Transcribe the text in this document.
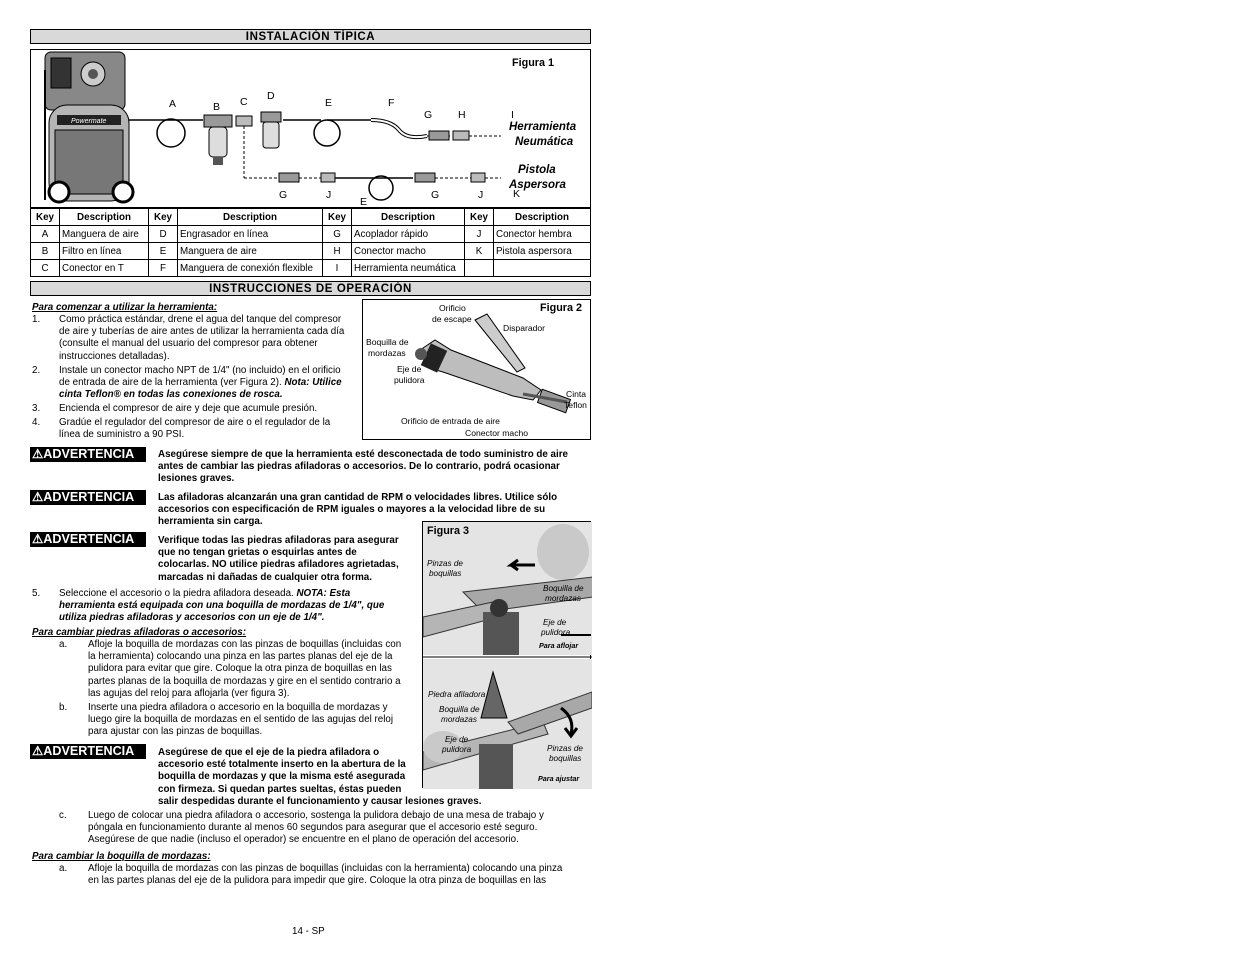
INSTALACIÓN TÍPICA
Powermate
Figura 1
A	B C D
E	F
G H	I
Herramienta
Neumática
Pistola
Aspersora
G	J
E
G	J	K
Key	Description	Key	Description	Key	Description	Key	Description
A	Manguera de aire	D	Engrasador en línea	G	Acoplador rápido	J	Conector hembra
B	Filtro en línea	E	Manguera de aire	H	Conector macho	K	Pistola aspersora
C	Conector en T	F	Manguera de conexión flexible	I	Herramienta neumática		
INSTRUCCIONES DE OPERACIÓN
Para comenzar a utilizar la herramienta:
1. Como práctica estándar, drene el agua del tanque del compresor
de aire y tuberías de aire antes de utilizar la herramienta cada día
(consulte el manual del usuario del compresor para obtener
instrucciones detalladas).
2. Instale un conector macho NPT de 1/4" (no incluido) en el orificio
de entrada de aire de la herramienta (ver Figura 2). Nota: Utilice
cinta Teflon® en todas las conexiones de rosca.
3. Encienda el compresor de aire y deje que acumule presión.
4. Gradúe el regulador del compresor de aire o el regulador de la
línea de suministro a 90 PSI.
Figura 2
Orificio
de escape
Disparador
Boquilla de
mordazas
Eje de
pulidora
Cinta
Teflon
Orificio de entrada de aire
Conector macho
⚠ADVERTENCIA	Asegúrese siempre de que la herramienta esté desconectada de todo suministro de aire
antes de cambiar las piedras afiladoras o accesorios. De lo contrario, podrá ocasionar
lesiones graves.
⚠ADVERTENCIA	Las afiladoras alcanzarán una gran cantidad de RPM o velocidades libres. Utilice sólo
accesorios con especificación de RPM iguales o mayores a la velocidad libre de su
herramienta sin carga.
⚠ADVERTENCIA	Verifique todas las piedras afiladoras para asegurar
que no tengan grietas o esquirlas antes de
colocarlas. NO utilice piedras afiladores agrietadas,
marcadas ni dañadas de cualquier otra forma.
Figura 3
Pinzas de
boquillas
Boquilla de
mordazas
Eje de
pulidora
Para aflojar
Piedra afiladora
Boquilla de
mordazas
Eje de
pulidora	Pinzas de
boquillas
Para ajustar
5. Seleccione el accesorio o la piedra afiladora deseada. NOTA: Esta
herramienta está equipada con una boquilla de mordazas de 1/4", que
utiliza piedras afiladoras y accesorios con un eje de 1/4".
Para cambiar piedras afiladoras o accesorios:
a. Afloje la boquilla de mordazas con las pinzas de boquillas (incluidas con
la herramienta) colocando una pinza en las partes planas del eje de la
pulidora para evitar que gire. Coloque la otra pinza de boquillas en las
partes planas de la boquilla de mordazas y gire en el sentido contrario a
las agujas del reloj para aflojarla (ver figura 3).
b. Inserte una piedra afiladora o accesorio en la boquilla de mordazas y
luego gire la boquilla de mordazas en el sentido de las agujas del reloj
para ajustar con las pinzas de boquillas.
⚠ADVERTENCIA	Asegúrese de que el eje de la piedra afiladora o
accesorio esté totalmente inserto en la abertura de la
boquilla de mordazas y que la misma esté asegurada
con firmeza. Si quedan partes sueltas, éstas pueden
salir despedidas durante el funcionamiento y causar lesiones graves.
c. Luego de colocar una piedra afiladora o accesorio, sostenga la pulidora debajo de una mesa de trabajo y
póngala en funcionamiento durante al menos 60 segundos para asegurar que el accesorio esté seguro.
Asegúrese de que nadie (incluso el operador) se encuentre en el plano de operación del accesorio.
Para cambiar la boquilla de mordazas:
a. Afloje la boquilla de mordazas con las pinzas de boquillas (incluidas con la herramienta) colocando una pinza
en las partes planas del eje de la pulidora para impedir que gire. Coloque la otra pinza de boquillas en las
14 - SP
